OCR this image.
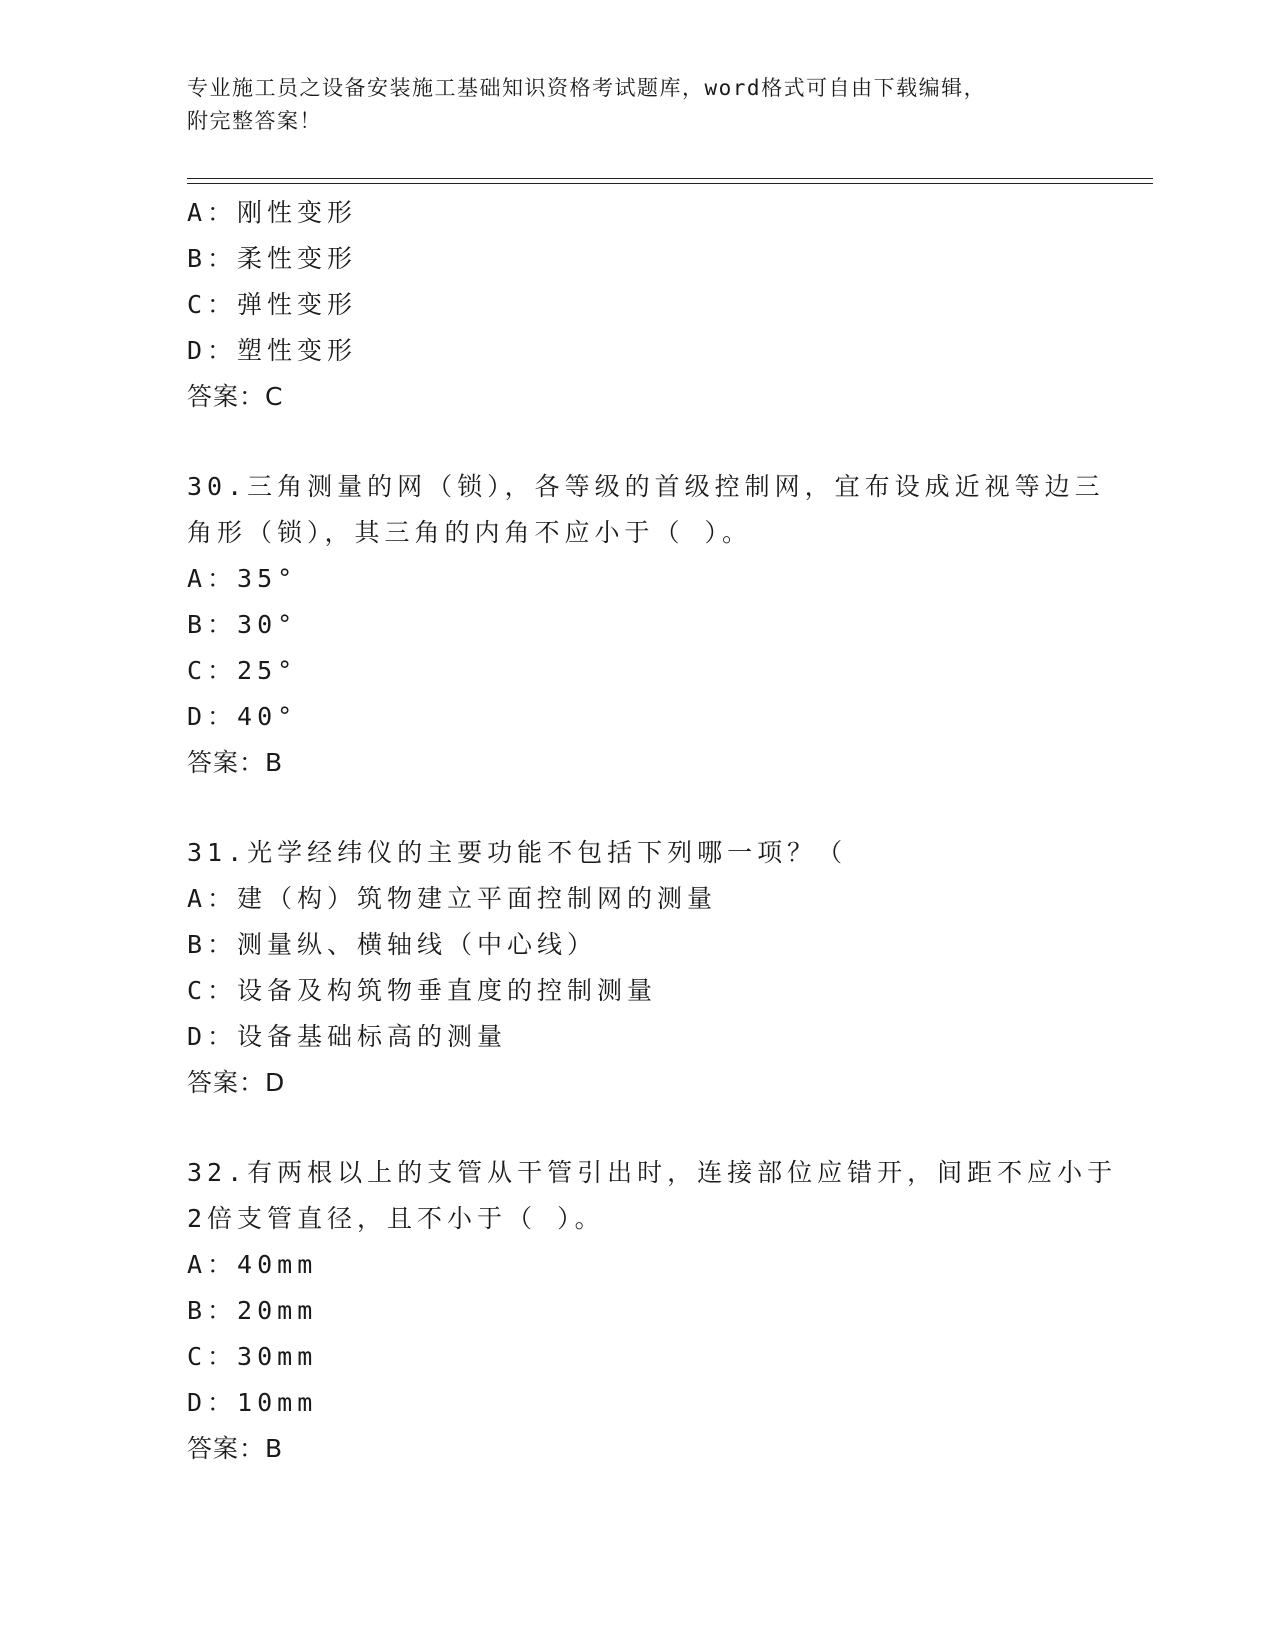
专业施工员之设备安装施工基础知识资格考试题库，word格式可自由下载编辑，
附完整答案！
A：刚性变形
B：柔性变形
C：弹性变形
D：塑性变形
答案：C
30.三角测量的网（锁），各等级的首级控制网，宜布设成近视等边三
角形（锁），其三角的内角不应小于（ ）。
A：35°
B：30°
C：25°
D：40°
答案：B
31.光学经纬仪的主要功能不包括下列哪一项？（
A：建（构）筑物建立平面控制网的测量
B：测量纵、横轴线（中心线）
C：设备及构筑物垂直度的控制测量
D：设备基础标高的测量
答案：D
32.有两根以上的支管从干管引出时，连接部位应错开，间距不应小于
2倍支管直径，且不小于（ ）。
A：40mm
B：20mm
C：30mm
D：10mm
答案：B
